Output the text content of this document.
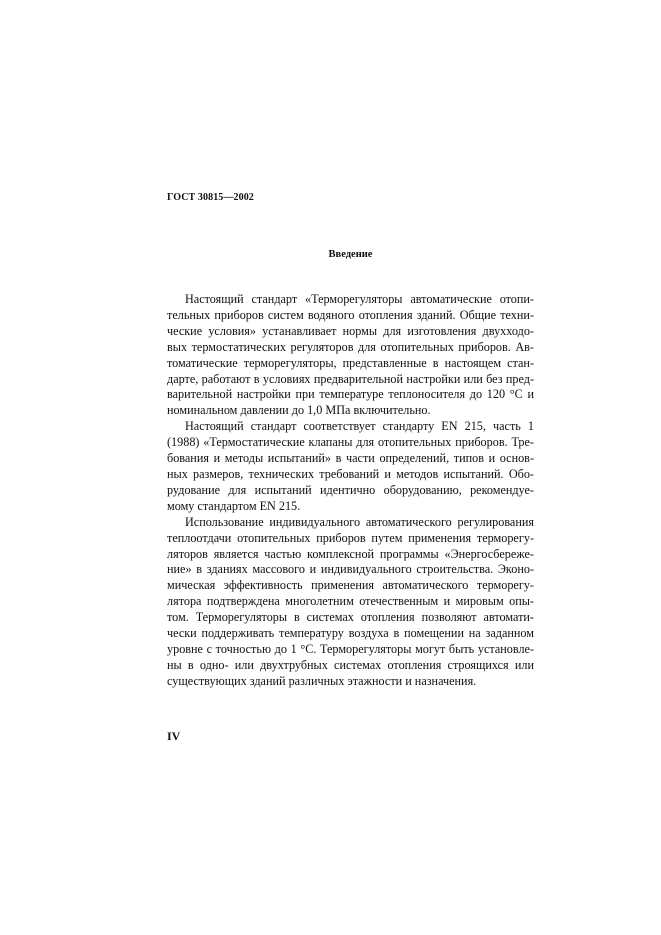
ГОСТ 30815—2002
Введение
Настоящий стандарт «Терморегуляторы автоматические отопи-
тельных приборов систем водяного отопления зданий. Общие техни-
ческие условия» устанавливает нормы для изготовления двухходо-
вых термостатических регуляторов для отопительных приборов. Ав-
томатические терморегуляторы, представленные в настоящем стан-
дарте, работают в условиях предварительной настройки или без пред-
варительной настройки при температуре теплоносителя до 120 °С и
номинальном давлении до 1,0 МПа включительно.
Настоящий стандарт соответствует стандарту EN 215, часть 1
(1988) «Термостатические клапаны для отопительных приборов. Тре-
бования и методы испытаний» в части определений, типов и основ-
ных размеров, технических требований и методов испытаний. Обо-
рудование для испытаний идентично оборудованию, рекомендуе-
мому стандартом EN 215.
Использование индивидуального автоматического регулирования
теплоотдачи отопительных приборов путем применения терморегу-
ляторов является частью комплексной программы «Энергосбереже-
ние» в зданиях массового и индивидуального строительства. Эконо-
мическая эффективность применения автоматического терморегу-
лятора подтверждена многолетним отечественным и мировым опы-
том. Терморегуляторы в системах отопления позволяют автомати-
чески поддерживать температуру воздуха в помещении на заданном
уровне с точностью до 1 °С. Терморегуляторы могут быть установле-
ны в одно- или двухтрубных системах отопления строящихся или
существующих зданий различных этажности и назначения.
IV
